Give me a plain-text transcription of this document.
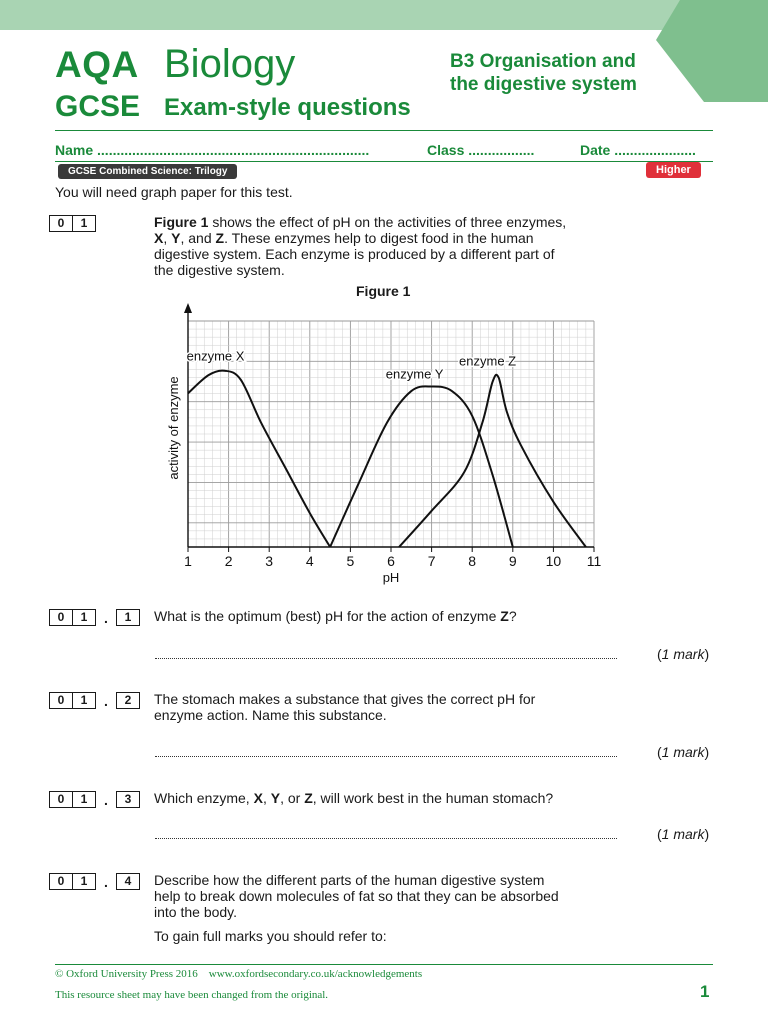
AQA Biology
GCSE Exam-style questions
B3 Organisation and
the digestive system
Name ......................................................................	Class .................	Date .....................
GCSE Combined Science: Trilogy	Higher
You will need graph paper for this test.
0	1	Figure 1 shows the effect of pH on the activities of three enzymes,
X, Y, and Z. These enzymes help to digest food in the human
digestive system. Each enzyme is produced by a different part of
the digestive system.
Figure 1
1 2 3 4 5 6 7 8 9 10 11
pH
activity of enzyme
enzyme X
enzyme Y
enzyme Z
0	1	.	1	What is the optimum (best) pH for the action of enzyme Z?
(1 mark)
0	1	.	2	The stomach makes a substance that gives the correct pH for
enzyme action. Name this substance.
(1 mark)
0	1	.	3	Which enzyme, X, Y, or Z, will work best in the human stomach?
(1 mark)
0	1	.	4	Describe how the different parts of the human digestive system
help to break down molecules of fat so that they can be absorbed
into the body.
To gain full marks you should refer to:
© Oxford University Press 2016 www.oxfordsecondary.co.uk/acknowledgements
This resource sheet may have been changed from the original.	1
